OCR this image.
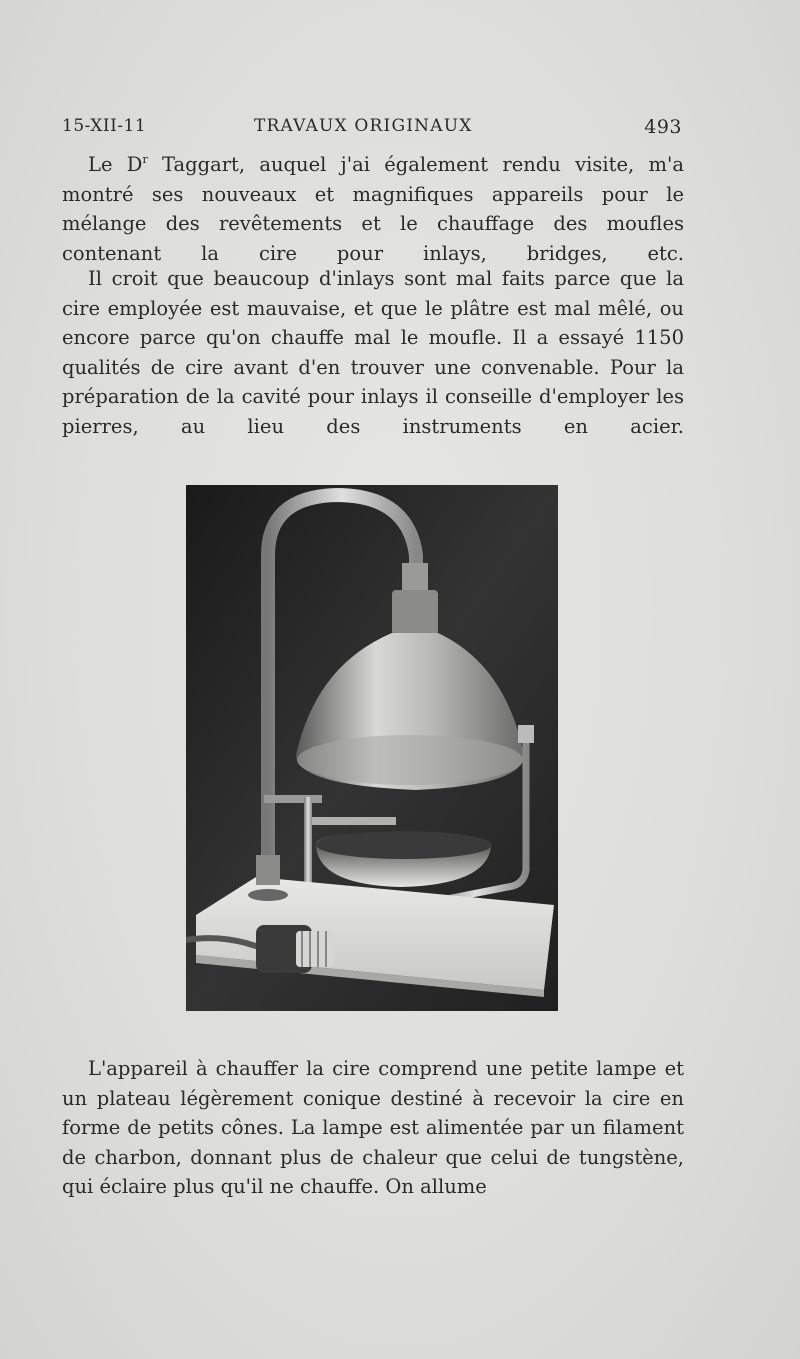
15-XII-11	TRAVAUX ORIGINAUX	493
Le $D^r$ Taggart, auquel j'ai également rendu visite, m'a montré ses nouveaux et magnifiques appareils pour le mélange des revêtements et le chauffage des moufles contenant la cire pour inlays, bridges, etc.
Il croit que beaucoup d'inlays sont mal faits parce que la cire employée est mauvaise, et que le plâtre est mal mêlé, ou encore parce qu'on chauffe mal le moufle. Il a essayé 1150 qualités de cire avant d'en trouver une convenable. Pour la préparation de la cavité pour inlays il conseille d'employer les pierres, au lieu des instruments en acier.
L'appareil à chauffer la cire comprend une petite lampe et un plateau légèrement conique destiné à recevoir la cire en forme de petits cônes. La lampe est alimentée par un filament de charbon, donnant plus de chaleur que celui de tungstène, qui éclaire plus qu'il ne chauffe. On allume
